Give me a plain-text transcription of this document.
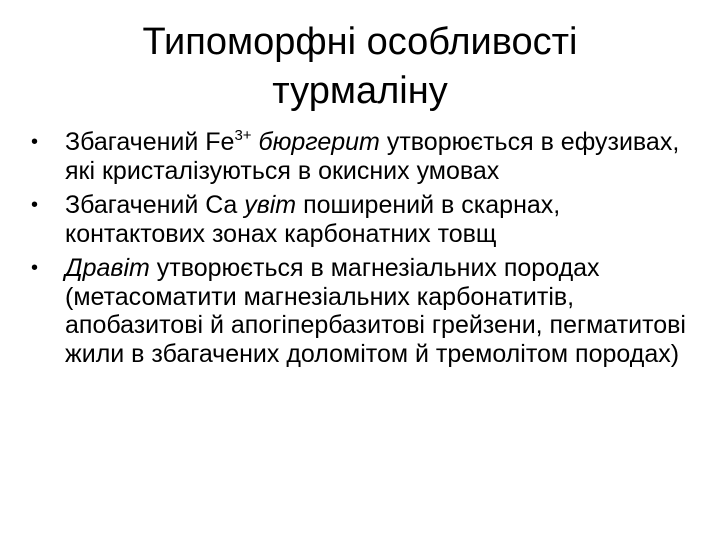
Типоморфні особливості
турмаліну
• Збагачений $Fe^{3+}$ бюргерит утворюється в ефузивах, які кристалізуються в окисних умовах
• Збагачений Ca увіт поширений в скарнах, контактових зонах карбонатних товщ
• Дравіт утворюється в магнезіальних породах (метасоматити магнезіальних карбонатитів, апобазитові й апогіпербазитові грейзени, пегматитові жили в збагачених доломітом й тремолітом породах)
